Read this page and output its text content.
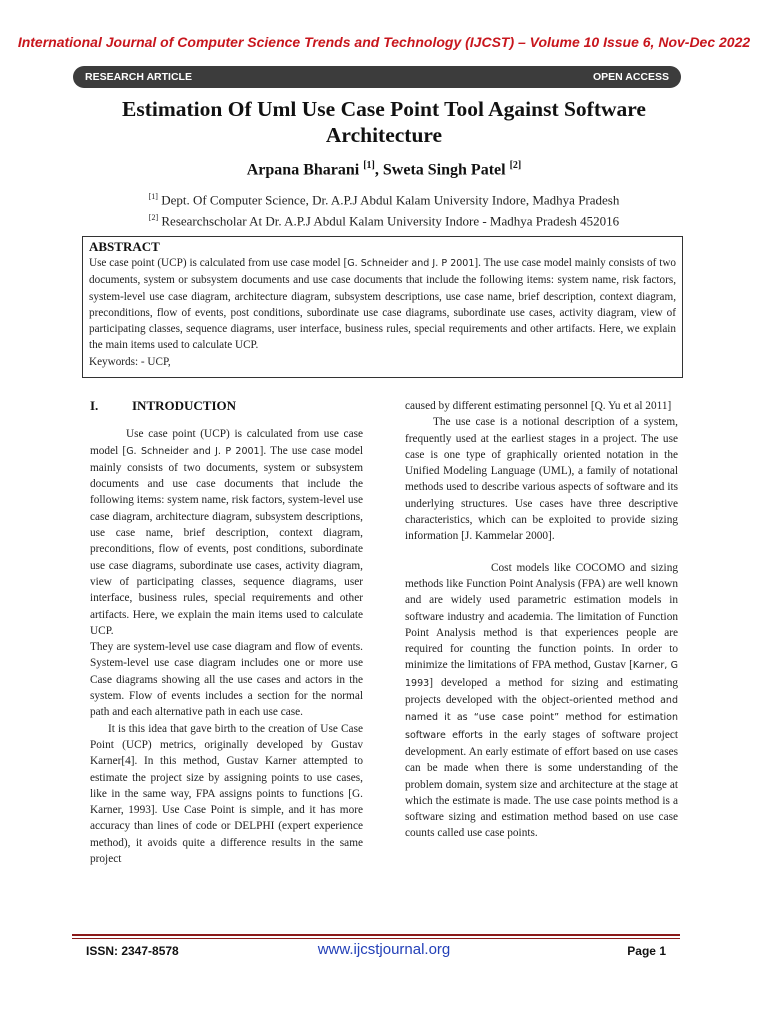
International Journal of Computer Science Trends and Technology (IJCST) – Volume 10 Issue 6, Nov-Dec 2022
RESEARCH ARTICLE	OPEN ACCESS
Estimation Of Uml Use Case Point Tool Against Software Architecture
Arpana Bharani [1], Sweta Singh Patel [2]
[1] Dept. Of Computer Science, Dr. A.P.J Abdul Kalam University Indore, Madhya Pradesh
[2] Researchscholar At Dr. A.P.J Abdul Kalam University Indore - Madhya Pradesh 452016
ABSTRACT
Use case point (UCP) is calculated from use case model [G. Schneider and J. P 2001]. The use case model mainly consists of two documents, system or subsystem documents and use case documents that include the following items: system name, risk factors, system-level use case diagram, architecture diagram, subsystem descriptions, use case name, brief description, context diagram, preconditions, flow of events, post conditions, subordinate use case diagrams, subordinate use cases, activity diagram, view of participating classes, sequence diagrams, user interface, business rules, special requirements and other artifacts. Here, we explain the main items used to calculate UCP.
Keywords: - UCP,

I.	INTRODUCTION

Use case point (UCP) is calculated from use case model [G. Schneider and J. P 2001]. The use case model mainly consists of two documents, system or subsystem documents and use case documents that include the following items: system name, risk factors, system-level use case diagram, architecture diagram, subsystem descriptions, use case name, brief description, context diagram, preconditions, flow of events, post conditions, subordinate use case diagrams, subordinate use cases, activity diagram, view of participating classes, sequence diagrams, user interface, business rules, special requirements and other artifacts. Here, we explain the main items used to calculate UCP.

They are system-level use case diagram and flow of events. System-level use case diagram includes one or more use Case diagrams showing all the use cases and actors in the system. Flow of events includes a section for the normal path and each alternative path in each use case.

It is this idea that gave birth to the creation of Use Case Point (UCP) metrics, originally developed by Gustav Karner[4]. In this method, Gustav Karner attempted to estimate the project size by assigning points to use cases, like in the same way, FPA assigns points to functions [G. Karner, 1993]. Use Case Point is simple, and it has more accuracy than lines of code or DELPHI (expert experience method), it avoids quite a difference results in the same project

caused by different estimating personnel [Q. Yu et al 2011]

The use case is a notional description of a system, frequently used at the earliest stages in a project. The use case is one type of graphically oriented notation in the Unified Modeling Language (UML), a family of notational methods used to describe various aspects of software and its underlying structures. Use cases have three descriptive characteristics, which can be exploited to provide sizing information [J. Kammelar 2000].

Cost models like COCOMO and sizing methods like Function Point Analysis (FPA) are well known and are widely used parametric estimation models in software industry and academia. The limitation of Function Point Analysis method is that experiences people are required for counting the function points. In order to minimize the limitations of FPA method, Gustav [Karner, G 1993] developed a method for sizing and estimating projects developed with the object-oriented method and named it as “use case point” method for estimation software efforts in the early stages of software project development. An early estimate of effort based on use cases can be made when there is some understanding of the problem domain, system size and architecture at the stage at which the estimate is made. The use case points method is a software sizing and estimation method based on use case counts called use case points.

ISSN: 2347-8578	www.ijcstjournal.org	Page 1
